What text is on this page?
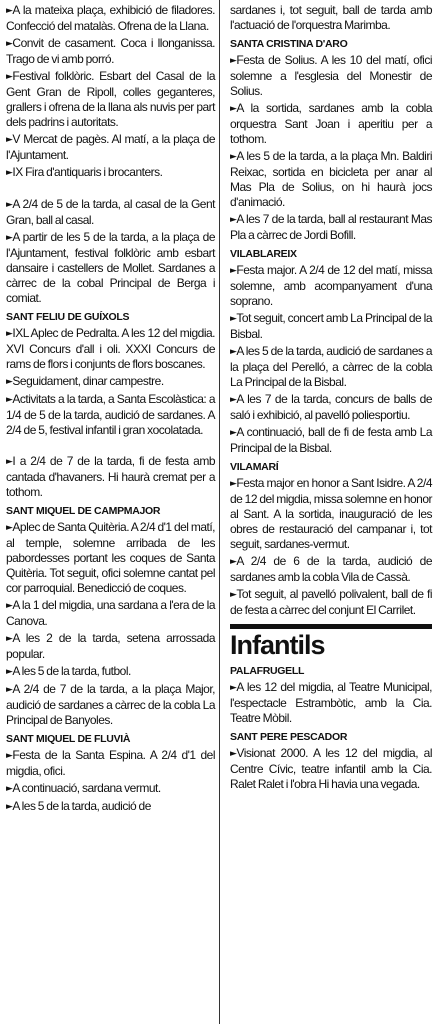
►A la mateixa plaça, exhibició de filadores. Confecció del matalàs. Ofrena de la Llana.

►Convit de casament. Coca i llonganissa. Trago de vi amb porró.

►Festival folklòric. Esbart del Casal de la Gent Gran de Ripoll, colles geganteres, grallers i ofrena de la llana als nuvis per part dels padrins i autoritats.

►V Mercat de pagès. Al matí, a la plaça de l'Ajuntament.

►IX Fira d'antiquaris i brocanters.

►A 2/4 de 5 de la tarda, al casal de la Gent Gran, ball al casal.

►A partir de les 5 de la tarda, a la plaça de l'Ajuntament, festival folklòric amb esbart dansaire i castellers de Mollet. Sardanes a càrrec de la cobal Principal de Berga i comiat.

SANT FELIU DE GUÍXOLS

►IXL Aplec de Pedralta. A les 12 del migdia. XVI Concurs d'all i oli. XXXI Concurs de rams de flors i conjunts de flors boscanes.

►Seguidament, dinar campestre.

►Activitats a la tarda, a Santa Escolàstica: a 1/4 de 5 de la tarda, audició de sardanes. A 2/4 de 5, festival infantil i gran xocolatada.

►I a 2/4 de 7 de la tarda, fi de festa amb cantada d'havaners. Hi haurà cremat per a tothom.

SANT MIQUEL DE CAMPMAJOR

►Aplec de Santa Quitèria. A 2/4 d'1 del matí, al temple, solemne arribada de les pabordesses portant les coques de Santa Quitèria. Tot seguit, ofici solemne cantat pel cor parroquial. Benedicció de coques.

►A la 1 del migdia, una sardana a l'era de la Canova.

►A les 2 de la tarda, setena arrossada popular.

►A les 5 de la tarda, futbol.

►A 2/4 de 7 de la tarda, a la plaça Major, audició de sardanes a càrrec de la cobla La Principal de Banyoles.

SANT MIQUEL DE FLUVIÀ

►Festa de la Santa Espina. A 2/4 d'1 del migdia, ofici.

►A continuació, sardana vermut.

►A les 5 de la tarda, audició de

sardanes i, tot seguit, ball de tarda amb l'actuació de l'orquestra Marimba.

SANTA CRISTINA D'ARO

►Festa de Solius. A les 10 del matí, ofici solemne a l'esglesia del Monestir de Solius.

►A la sortida, sardanes amb la cobla orquestra Sant Joan i aperitiu per a tothom.

►A les 5 de la tarda, a la plaça Mn. Baldiri Reixac, sortida en bicicleta per anar al Mas Pla de Solius, on hi haurà jocs d'animació.

►A les 7 de la tarda, ball al restaurant Mas Pla a càrrec de Jordi Bofill.

VILABLAREIX

►Festa major. A 2/4 de 12 del matí, missa solemne, amb acompanyament d'una soprano.

►Tot seguit, concert amb La Principal de la Bisbal.

►A les 5 de la tarda, audició de sardanes a la plaça del Perelló, a càrrec de la cobla La Principal de la Bisbal.

►A les 7 de la tarda, concurs de balls de saló i exhibició, al pavelló poliesportiu.

►A continuació, ball de fi de festa amb La Principal de la Bisbal.

VILAMARÍ

►Festa major en honor a Sant Isidre. A 2/4 de 12 del migdia, missa solemne en honor al Sant. A la sortida, inauguració de les obres de restauració del campanar i, tot seguit, sardanes-vermut.

►A 2/4 de 6 de la tarda, audició de sardanes amb la cobla Vila de Cassà.

►Tot seguit, al pavelló polivalent, ball de fi de festa a càrrec del conjunt El Carrilet.

Infantils
PALAFRUGELL

►A les 12 del migdia, al Teatre Municipal, l'espectacle Estrambòtic, amb la Cia. Teatre Mòbil.

SANT PERE PESCADOR

►Visionat 2000. A les 12 del migdia, al Centre Cívic, teatre infantil amb la Cia. Ralet Ralet i l'obra Hi havia una vegada.
